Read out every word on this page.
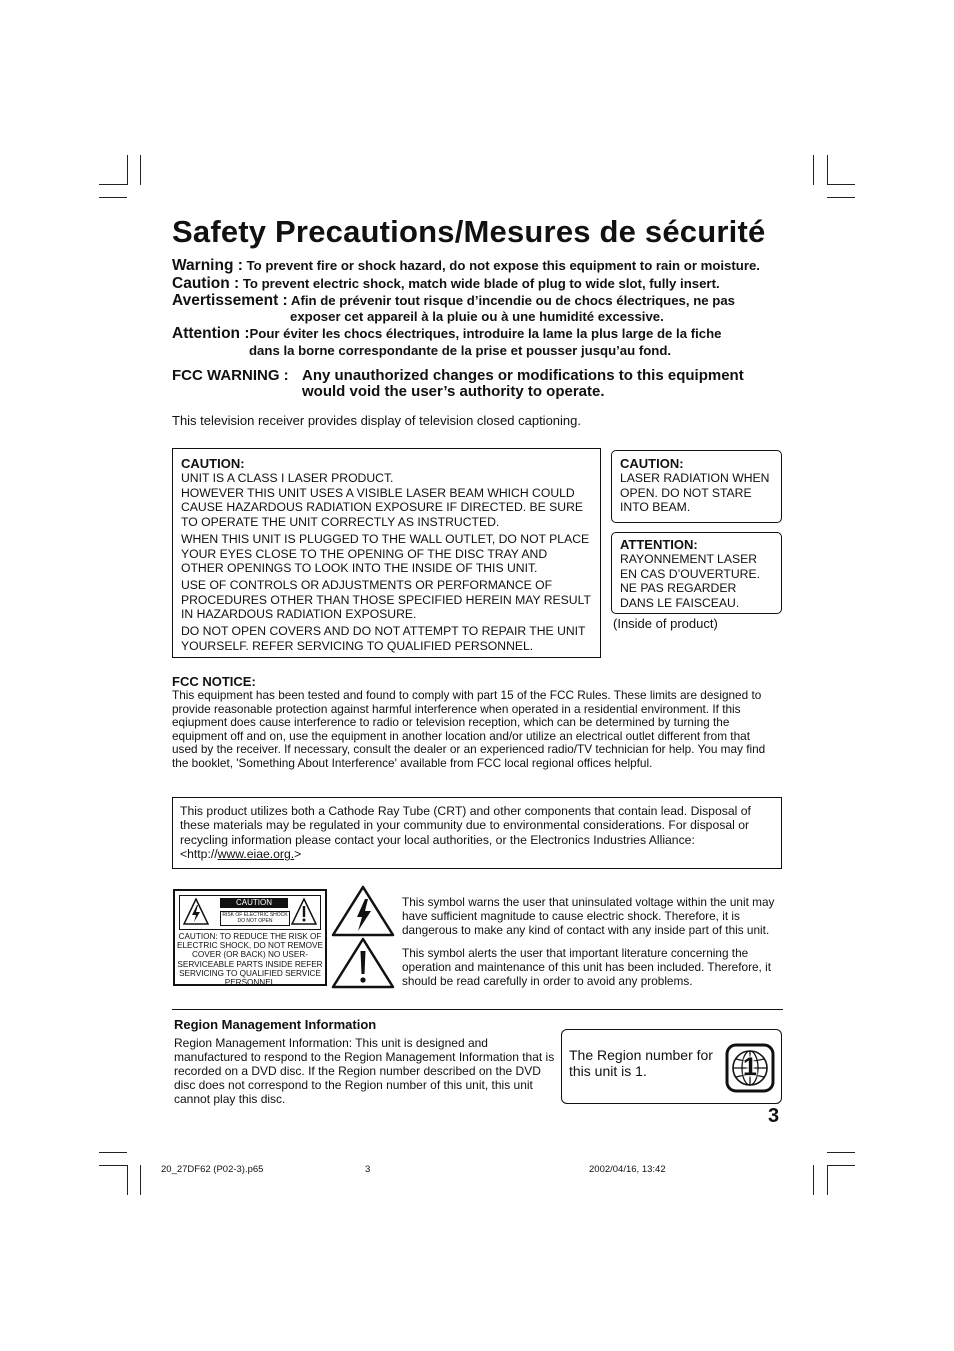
Safety Precautions/Mesures de sécurité
Warning : To prevent fire or shock hazard, do not expose this equipment to rain or moisture.
Caution : To prevent electric shock, match wide blade of plug to wide slot, fully insert.
Avertissement : Afin de prévenir tout risque d’incendie ou de chocs électriques, ne pas
exposer cet appareil à la pluie ou à une humidité excessive.
Attention :Pour éviter les chocs électriques, introduire la lame la plus large de la fiche
dans la borne correspondante de la prise et pousser jusqu’au fond.
FCC WARNING : Any unauthorized changes or modifications to this equipment
would void the user’s authority to operate.
This television receiver provides display of television closed captioning.
CAUTION:

UNIT IS A CLASS I LASER PRODUCT.
HOWEVER THIS UNIT USES A VISIBLE LASER BEAM WHICH COULD CAUSE HAZARDOUS RADIATION EXPOSURE IF DIRECTED. BE SURE TO OPERATE THE UNIT CORRECTLY AS INSTRUCTED.

WHEN THIS UNIT IS PLUGGED TO THE WALL OUTLET, DO NOT PLACE YOUR EYES CLOSE TO THE OPENING OF THE DISC TRAY AND OTHER OPENINGS TO LOOK INTO THE INSIDE OF THIS UNIT.

USE OF CONTROLS OR ADJUSTMENTS OR PERFORMANCE OF PROCEDURES OTHER THAN THOSE SPECIFIED HEREIN MAY RESULT IN HAZARDOUS RADIATION EXPOSURE.

DO NOT OPEN COVERS AND DO NOT ATTEMPT TO REPAIR THE UNIT YOURSELF. REFER SERVICING TO QUALIFIED PERSONNEL.

CAUTION:
LASER RADIATION WHEN OPEN. DO NOT STARE INTO BEAM.
ATTENTION:
RAYONNEMENT LASER EN CAS D’OUVERTURE. NE PAS REGARDER DANS LE FAISCEAU.
(Inside of product)
FCC NOTICE:
This equipment has been tested and found to comply with part 15 of the FCC Rules. These limits are designed to provide reasonable protection against harmful interference when operated in a residential environment. If this eqiupment does cause interference to radio or television reception, which can be determined by turning the equipment off and on, use the equipment in another location and/or utilize an electrical outlet different from that used by the receiver. If necessary, consult the dealer or an experienced radio/TV technician for help. You may find the booklet, 'Something About Interference' available from FCC local regional offices helpful.
This product utilizes both a Cathode Ray Tube (CRT) and other components that contain lead. Disposal of these materials may be regulated in your community due to environmental considerations. For disposal or recycling information please contact your local authorities, or the Electronics Industries Alliance: <http://www.eiae.org.>
CAUTION
RISK OF ELECTRIC SHOCK DO NOT OPEN
CAUTION: TO REDUCE THE RISK OF ELECTRIC SHOCK, DO NOT REMOVE COVER (OR BACK) NO USER-SERVICEABLE PARTS INSIDE REFER SERVICING TO QUALIFIED SERVICE PERSONNEL
This symbol warns the user that uninsulated voltage within the unit may have sufficient magnitude to cause electric shock. Therefore, it is dangerous to make any kind of contact with any inside part of this unit.
This symbol alerts the user that important literature concerning the operation and maintenance of this unit has been included. Therefore, it should be read carefully in order to avoid any problems.
Region Management Information
Region Management Information: This unit is designed and manufactured to respond to the Region Management Information that is recorded on a DVD disc. If the Region number described on the DVD disc does not correspond to the Region number of this unit, this unit cannot play this disc.
The Region number for this unit is 1.	1
3
20_27DF62 (P02-3).p65	3	2002/04/16, 13:42
